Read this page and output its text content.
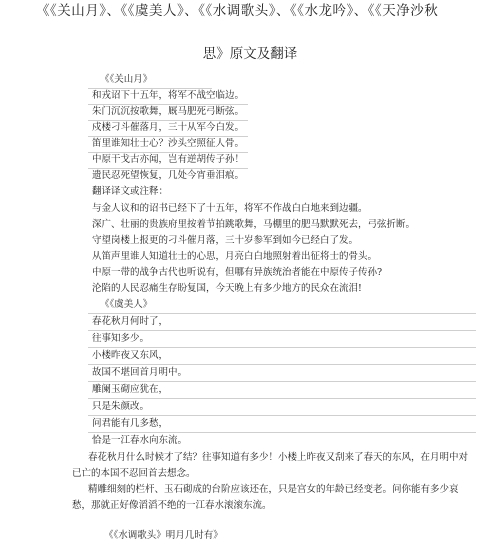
《《关山月》、《《虞美人》、《《水调歌头》、《《水龙吟》、《《天净沙秋
思》原文及翻译
《《关山月》
和戎诏下十五年，将军不战空临边。
朱门沉沉按歌舞，厩马肥死弓断弦。
戍楼刁斗催落月，三十从军今白发。
笛里谁知壮士心？沙头空照征人骨。
中原干戈古亦闻，岂有逆胡传子孙！
遗民忍死望恢复，几处今宵垂泪痕。
翻译译文或注释：
与金人议和的诏书已经下了十五年，将军不作战白白地来到边疆。
深广、壮丽的贵族府里按着节拍跳歌舞，马棚里的肥马默默死去，弓弦折断。
守望岗楼上报更的刁斗催月落，三十岁参军到如今已经白了发。
从笛声里谁人知道壮士的心思，月亮白白地照射着出征将士的骨头。
中原一带的战争古代也听说有，但哪有异族统治者能在中原传子传孙?
沦陷的人民忍痛生存盼复国，今天晚上有多少地方的民众在流泪!
《《虞美人》
春花秋月何时了，
往事知多少。
小楼昨夜又东风，
故国不堪回首月明中。
雕阑玉砌应犹在，
只是朱颜改。
问君能有几多愁，
恰是一江春水向东流。
春花秋月什么时候才了结？往事知道有多少！小楼上昨夜又刮来了春天的东风，在月明中对
已亡的本国不忍回首去想念。
精雕细刻的栏杆、玉石砌成的台阶应该还在，只是宫女的年龄已经变老。问你能有多少哀
愁，那就正好像滔滔不绝的一江春水滚滚东流。
《《水调歌头》明月几时有》
